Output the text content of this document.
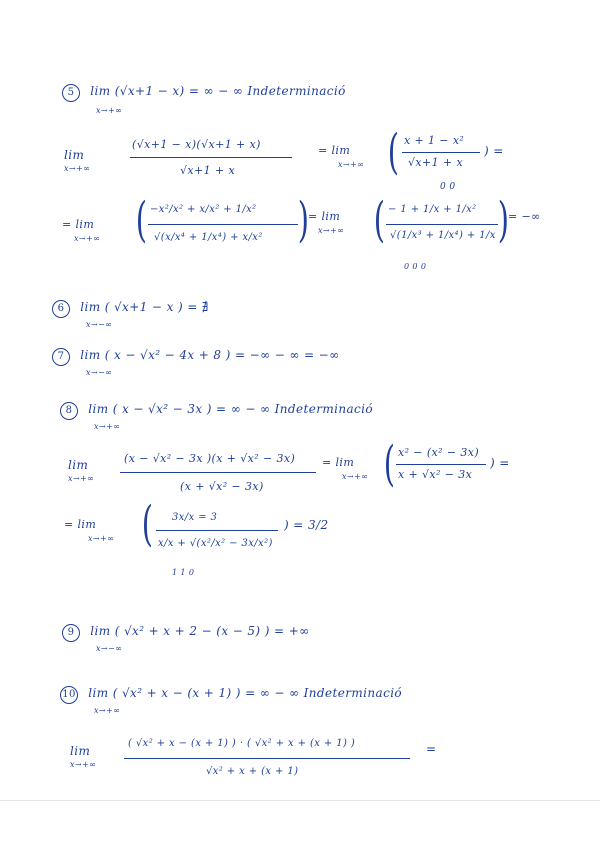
5 lim (√x+1 − x) = ∞ − ∞ Indeterminació
x→+∞
lim
x→+∞
(√x+1 − x)(√x+1 + x)
√x+1 + x
= lim
x→+∞ ( x + 1 − x²
√x+1 + x
) =
0 0
= lim
x→+∞ ( −x²/x² + x/x² + 1/x²
√(x/x⁴ + 1/x⁴) + x/x² ) = lim
x→+∞ ( − 1 + 1/x + 1/x²
√(1/x³ + 1/x⁴) + 1/x ) = −∞
0 0 0
6 lim ( √x+1 − x ) = ∄
x→−∞
7 lim ( x − √x² − 4x + 8 ) = −∞ − ∞ = −∞
x→−∞
8 lim ( x − √x² − 3x ) = ∞ − ∞ Indeterminació
x→+∞
lim
x→+∞
(x − √x² − 3x )(x + √x² − 3x)
(x + √x² − 3x)
= lim
x→+∞ ( x² − (x² − 3x)
x + √x² − 3x
) =
= lim
x→+∞ ( 3x/x = 3
x/x + √(x²/x² − 3x/x²)
) = 3/2
1 1 0
9 lim ( √x² + x + 2 − (x − 5) ) = +∞
x→−∞
10 lim ( √x² + x − (x + 1) ) = ∞ − ∞ Indeterminació
x→+∞
lim
x→+∞
( √x² + x − (x + 1) ) · ( √x² + x + (x + 1) )
√x² + x + (x + 1)
=
